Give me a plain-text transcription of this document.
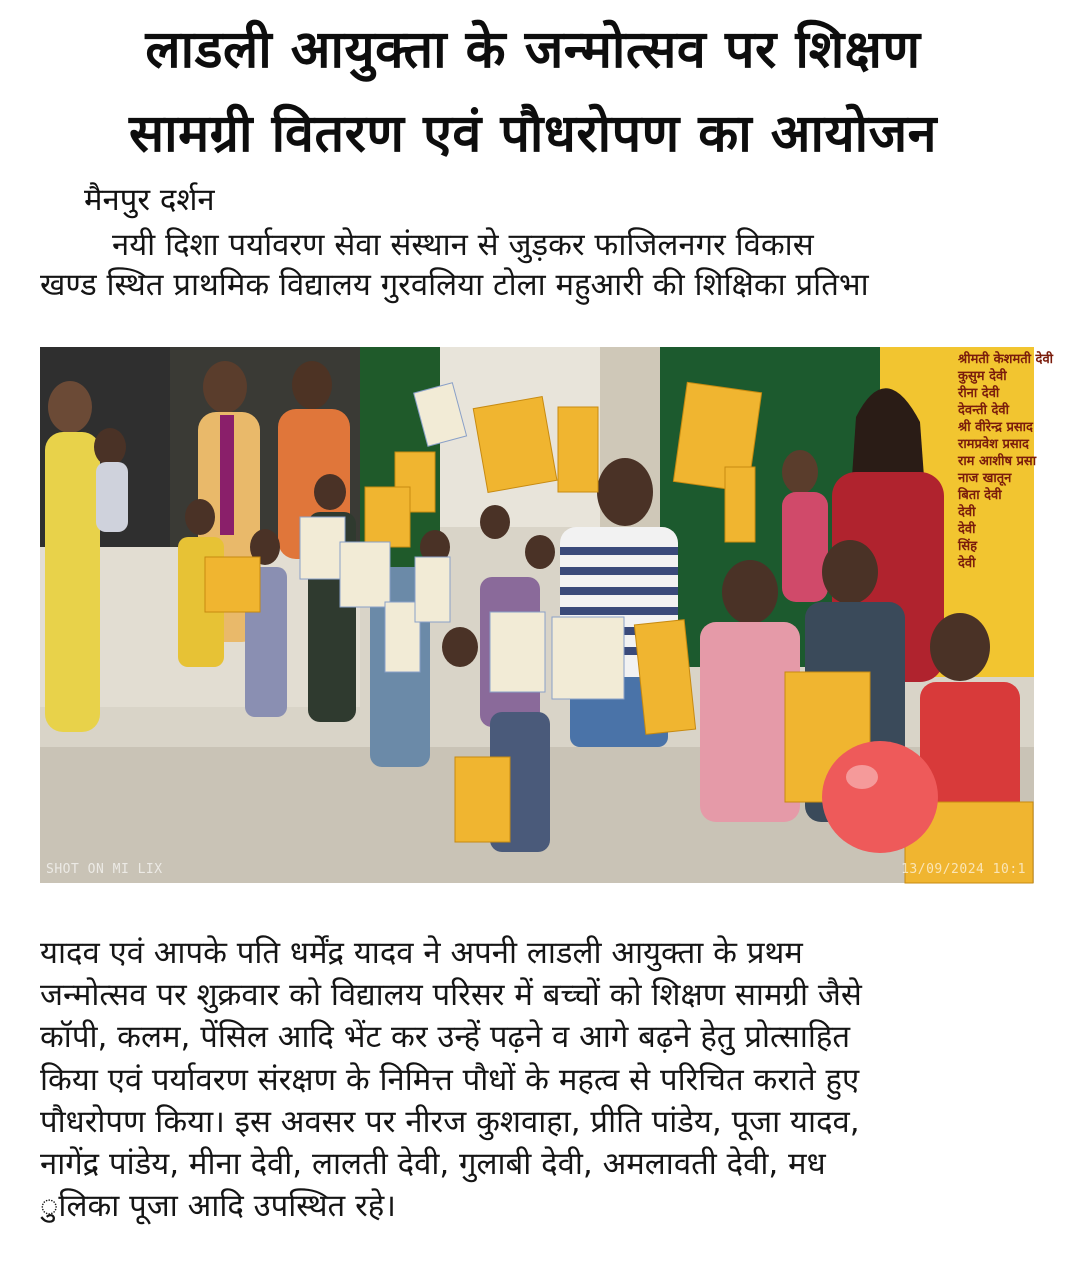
लाडली आयुक्ता के जन्मोत्सव पर शिक्षण
सामग्री वितरण एवं पौधरोपण का आयोजन
मैनपुर दर्शन
नयी दिशा पर्यावरण सेवा संस्थान से जुड़कर फाजिलनगर विकास
खण्ड स्थित प्राथमिक विद्यालय गुरवलिया टोला महुआरी की शिक्षिका प्रतिभा
श्रीमती केशमती देवी
कुसुम देवी
रीना देवी
देवन्ती देवी
श्री वीरेन्द्र प्रसाद
रामप्रवेश प्रसाद
राम आशीष प्रसा
नाज खातून
बिता देवी
देवी
देवी
सिंह
देवी
SHOT ON MI LIX	13/09/2024 10:1
यादव एवं आपके पति धर्मेंद्र यादव ने अपनी लाडली आयुक्ता के प्रथम
जन्मोत्सव पर शुक्रवार को विद्यालय परिसर में बच्चों को शिक्षण सामग्री जैसे
कॉपी, कलम, पेंसिल आदि भेंट कर उन्हें पढ़ने व आगे बढ़ने हेतु प्रोत्साहित
किया एवं पर्यावरण संरक्षण के निमित्त पौधों के महत्व से परिचित कराते हुए
पौधरोपण किया। इस अवसर पर नीरज कुशवाहा, प्रीति पांडेय, पूजा यादव,
नागेंद्र पांडेय, मीना देवी, लालती देवी, गुलाबी देवी, अमलावती देवी, मध
ुलिका पूजा आदि उपस्थित रहे।
